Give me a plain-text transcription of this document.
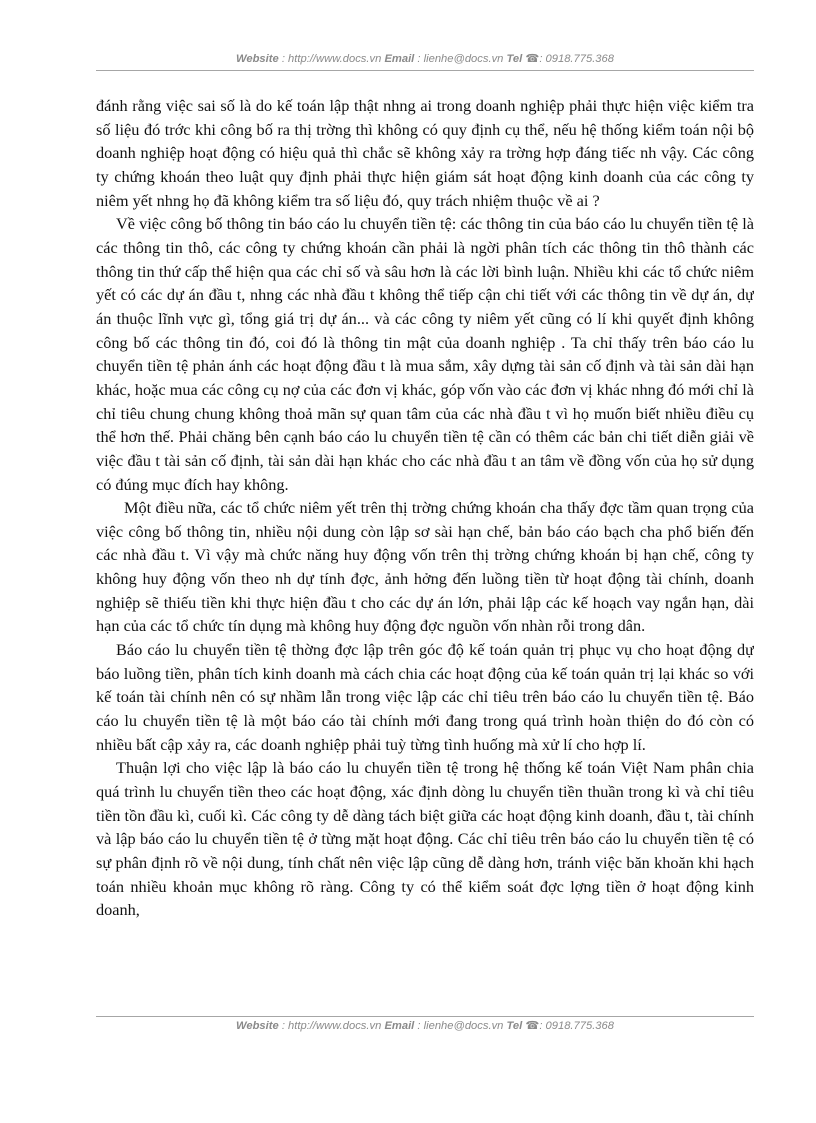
Website : http://www.docs.vn Email : lienhe@docs.vn Tel ☎: 0918.775.368

đánh rằng việc sai số là do kế toán lập thật nhng ai trong doanh nghiệp phải thực hiện việc kiểm tra số liệu đó trớc khi công bố ra thị trờng thì không có quy định cụ thể, nếu hệ thống kiểm toán nội bộ doanh nghiệp hoạt động có hiệu quả thì chắc sẽ không xảy ra trờng hợp đáng tiếc nh vậy. Các công ty chứng khoán theo luật quy định phải thực hiện giám sát hoạt động kinh doanh của các công ty niêm yết nhng họ đã không kiểm tra số liệu đó, quy trách nhiệm thuộc về ai ?

Về việc công bố thông tin báo cáo lu chuyển tiền tệ: các thông tin của báo cáo lu chuyển tiền tệ là các thông tin thô, các công ty chứng khoán cần phải là ngời phân tích các thông tin thô thành các thông tin thứ cấp thể hiện qua các chỉ số và sâu hơn là các lời bình luận. Nhiều khi các tổ chức niêm yết có các dự án đầu t, nhng các nhà đầu t không thể tiếp cận chi tiết với các thông tin về dự án, dự án thuộc lĩnh vực gì, tổng giá trị dự án... và các công ty niêm yết cũng có lí khi quyết định không công bố các thông tin đó, coi đó là thông tin mật của doanh nghiệp . Ta chỉ thấy trên báo cáo lu chuyển tiền tệ phản ánh các hoạt động đầu t là mua sắm, xây dựng tài sản cố định và tài sản dài hạn khác, hoặc mua các công cụ nợ của các đơn vị khác, góp vốn vào các đơn vị khác nhng đó mới chỉ là chỉ tiêu chung chung không thoả mãn sự quan tâm của các nhà đầu t vì họ muốn biết nhiều điều cụ thể hơn thế. Phải chăng bên cạnh báo cáo lu chuyển tiền tệ cần có thêm các bản chi tiết diễn giải về việc đầu t tài sản cố định, tài sản dài hạn khác cho các nhà đầu t an tâm về đồng vốn của họ sử dụng có đúng mục đích hay không.

Một điều nữa, các tổ chức niêm yết trên thị trờng chứng khoán cha thấy đợc tầm quan trọng của việc công bố thông tin, nhiều nội dung còn lập sơ sài hạn chế, bản báo cáo bạch cha phổ biến đến các nhà đầu t. Vì vậy mà chức năng huy động vốn trên thị trờng chứng khoán bị hạn chế, công ty không huy động vốn theo nh dự tính đợc, ảnh hởng đến luồng tiền từ hoạt động tài chính, doanh nghiệp sẽ thiếu tiền khi thực hiện đầu t cho các dự án lớn, phải lập các kế hoạch vay ngắn hạn, dài hạn của các tổ chức tín dụng mà không huy động đợc nguồn vốn nhàn rỗi trong dân.

Báo cáo lu chuyển tiền tệ thờng đợc lập trên góc độ kế toán quản trị phục vụ cho hoạt động dự báo luồng tiền, phân tích kinh doanh mà cách chia các hoạt động của kế toán quản trị lại khác so với kế toán tài chính nên có sự nhầm lẫn trong việc lập các chỉ tiêu trên báo cáo lu chuyển tiền tệ. Báo cáo lu chuyển tiền tệ là một báo cáo tài chính mới đang trong quá trình hoàn thiện do đó còn có nhiều bất cập xảy ra, các doanh nghiệp phải tuỳ từng tình huống mà xử lí cho hợp lí.

Thuận lợi cho việc lập là báo cáo lu chuyển tiền tệ trong hệ thống kế toán Việt Nam phân chia quá trình lu chuyển tiền theo các hoạt động, xác định dòng lu chuyển tiền thuần trong kì và chỉ tiêu tiền tồn đầu kì, cuối kì. Các công ty dễ dàng tách biệt giữa các hoạt động kinh doanh, đầu t, tài chính và lập báo cáo lu chuyển tiền tệ ở từng mặt hoạt động. Các chỉ tiêu trên báo cáo lu chuyển tiền tệ có sự phân định rõ về nội dung, tính chất nên việc lập cũng dễ dàng hơn, tránh việc băn khoăn khi hạch toán nhiều khoản mục không rõ ràng. Công ty có thể kiểm soát đợc lợng tiền ở hoạt động kinh doanh,

Website : http://www.docs.vn Email : lienhe@docs.vn Tel ☎: 0918.775.368
